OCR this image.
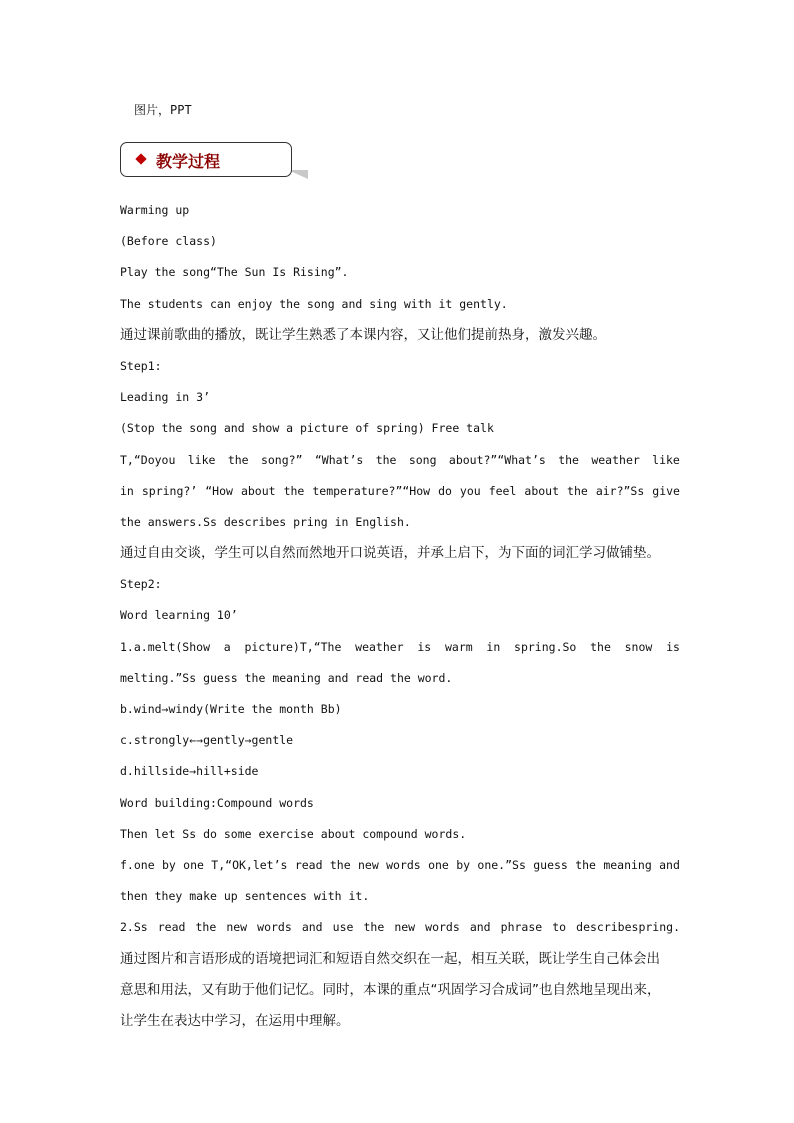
图片，PPT
教学过程
Warming up
(Before class)
Play the song“The Sun Is Rising”.
The students can enjoy the song and sing with it gently.
通过课前歌曲的播放，既让学生熟悉了本课内容，又让他们提前热身，激发兴趣。
Step1:
Leading in 3’
(Stop the song and show a picture of spring) Free talk
T,“Doyou like the song?” “What’s the song about?”“What’s the weather like
in spring?’ “How about the temperature?”“How do you feel about the air?”Ss give
the answers.Ss describes pring in English.
通过自由交谈，学生可以自然而然地开口说英语，并承上启下，为下面的词汇学习做铺垫。
Step2:
Word learning 10’
1.a.melt(Show a picture)T,“The weather is warm in spring.So the snow is
melting.”Ss guess the meaning and read the word.
b.wind→windy(Write the month Bb)
c.strongly←→gently→gentle
d.hillside→hill+side
Word building:Compound words
Then let Ss do some exercise about compound words.
f.one by one T,“OK,let’s read the new words one by one.”Ss guess the meaning and
then they make up sentences with it.
2.Ss read the new words and use the new words and phrase to describespring.
通过图片和言语形成的语境把词汇和短语自然交织在一起，相互关联，既让学生自己体会出
意思和用法，又有助于他们记忆。同时，本课的重点“巩固学习合成词”也自然地呈现出来，
让学生在表达中学习，在运用中理解。
